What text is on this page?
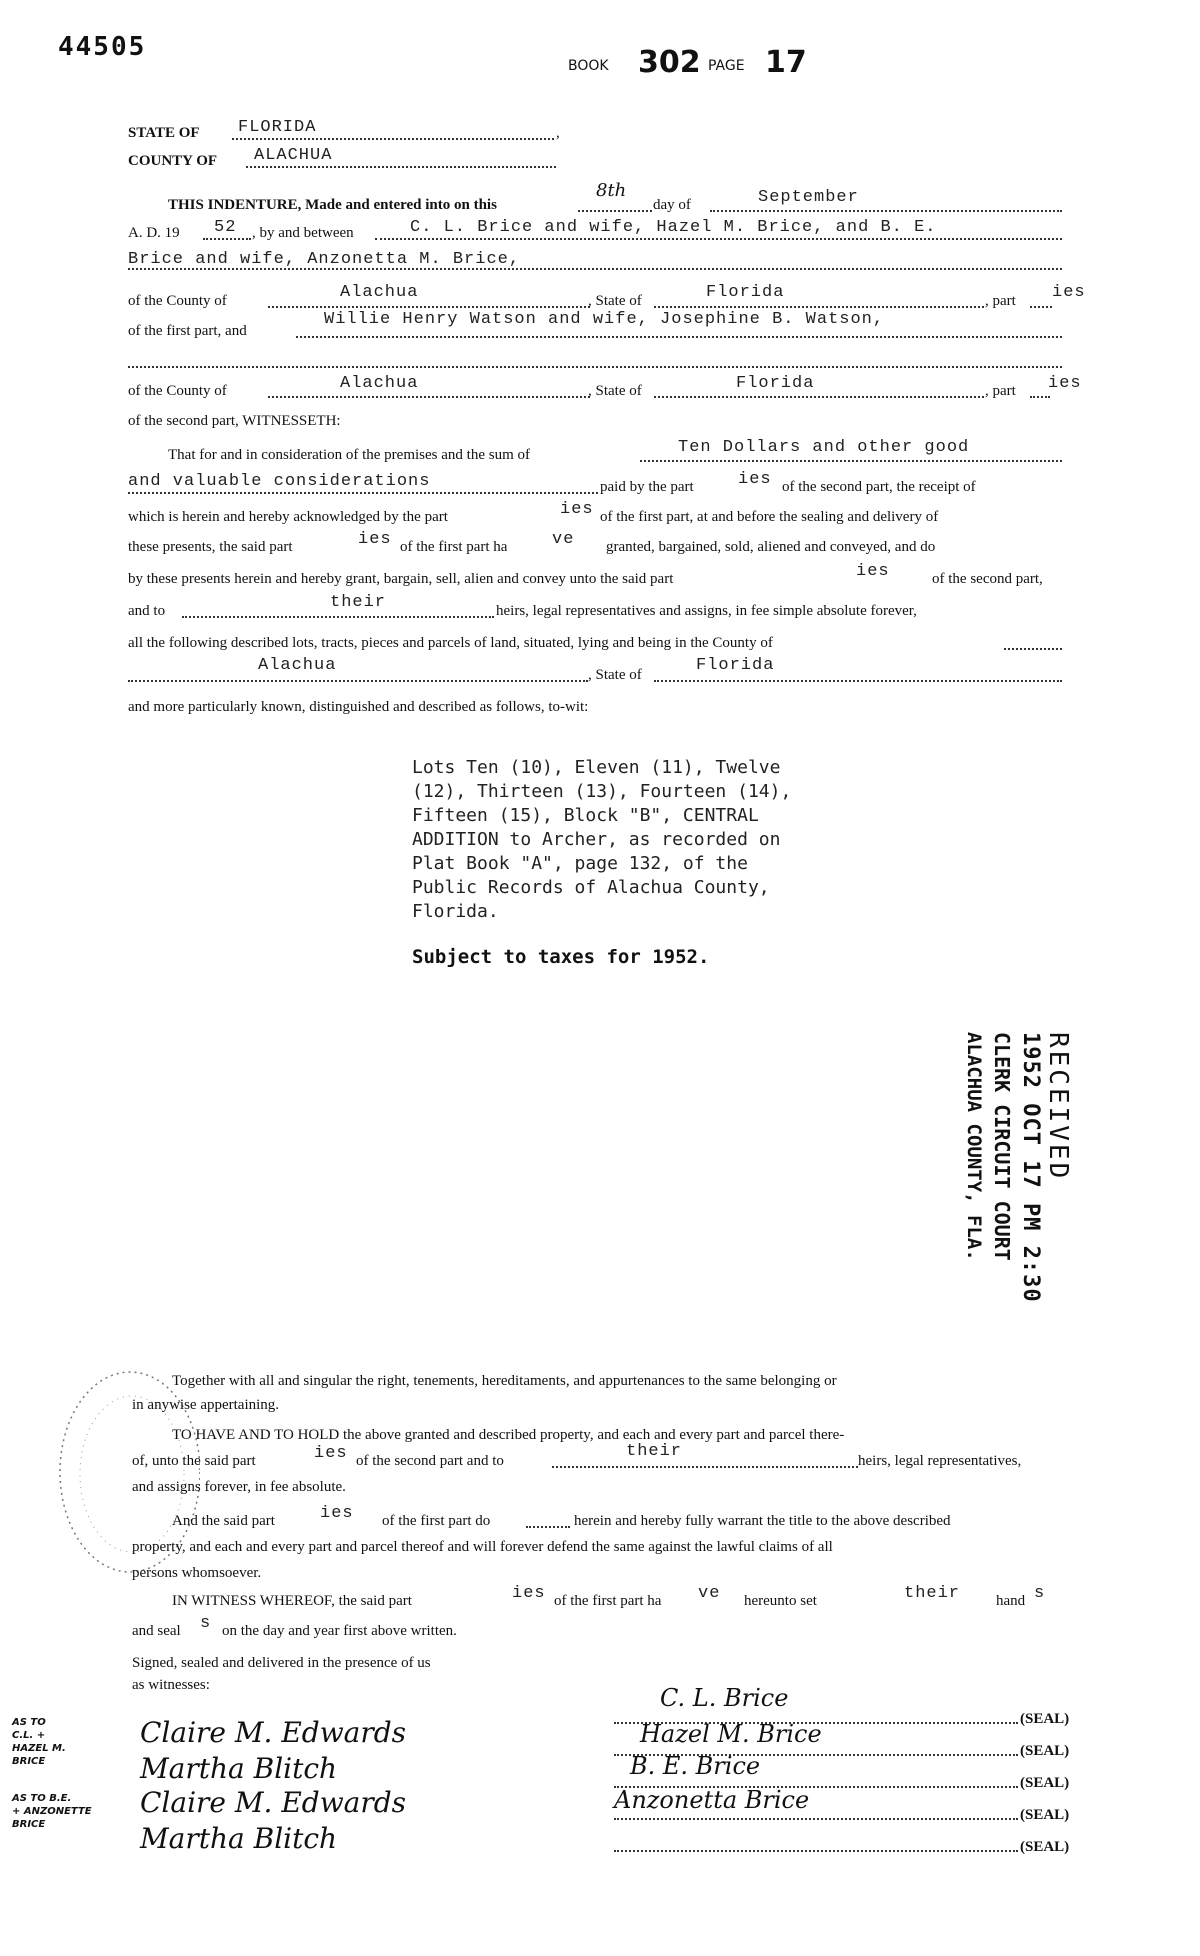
44505
BOOK 302 PAGE 17
STATE OF FLORIDA	,
COUNTY OF ALACHUA
THIS INDENTURE, Made and entered into on this
8th
day of	September
A. D. 19 52 , by and between	C. L. Brice and wife, Hazel M. Brice, and B. E.
Brice and wife, Anzonetta M. Brice,
of the County of	Alachua	, State of	Florida	, part ies
of the first part, and
Willie Henry Watson and wife, Josephine B. Watson,
of the County of	Alachua	, State of	Florida	, part ies
of the second part, WITNESSETH:
That for and in consideration of the premises and the sum of	Ten Dollars and other good
and valuable considerations	paid by the part	ies of the second part, the receipt of
which is herein and hereby acknowledged by the part	ies of the first part, at and before the sealing and delivery of
these presents, the said part	ies of the first part ha	ve granted, bargained, sold, aliened and conveyed, and do
by these presents herein and hereby grant, bargain, sell, alien and convey unto the said part	ies	of the second part,
and to	their	heirs, legal representatives and assigns, in fee simple absolute forever,
all the following described lots, tracts, pieces and parcels of land, situated, lying and being in the County of
Alachua	, State of	Florida
and more particularly known, distinguished and described as follows, to-wit:
Lots Ten (10), Eleven (11), Twelve
(12), Thirteen (13), Fourteen (14),
Fifteen (15), Block "B", CENTRAL
ADDITION to Archer, as recorded on
Plat Book "A", page 132, of the
Public Records of Alachua County,
Florida.
Subject to taxes for 1952.
RECEIVED
1952 OCT 17 PM 2:30
CLERK CIRCUIT COURT
ALACHUA COUNTY, FLA.
Together with all and singular the right, tenements, hereditaments, and appurtenances to the same belonging or
in anywise appertaining.
TO HAVE AND TO HOLD the above granted and described property, and each and every part and parcel there-
of, unto the said part	ies of the second part and to	their	heirs, legal representatives,
and assigns forever, in fee absolute.
And the said part	ies of the first part do	herein and hereby fully warrant the title to the above described
property, and each and every part and parcel thereof and will forever defend the same against the lawful claims of all
persons whomsoever.
IN WITNESS WHEREOF, the said part	ies of the first part ha ve hereunto set	their hand s
and seal s on the day and year first above written.
Signed, sealed and delivered in the presence of us
as witnesses:
AS TO
C.L. +
HAZEL M.
BRICE
AS TO B.E.
+ ANZONETTE
BRICE
Claire M. Edwards
Martha Blitch
Claire M. Edwards
Martha Blitch
C. L. Brice
(SEAL)
Hazel M. Brice
(SEAL)
B. E. Brice
(SEAL)
Anzonetta Brice
(SEAL)
(SEAL)
